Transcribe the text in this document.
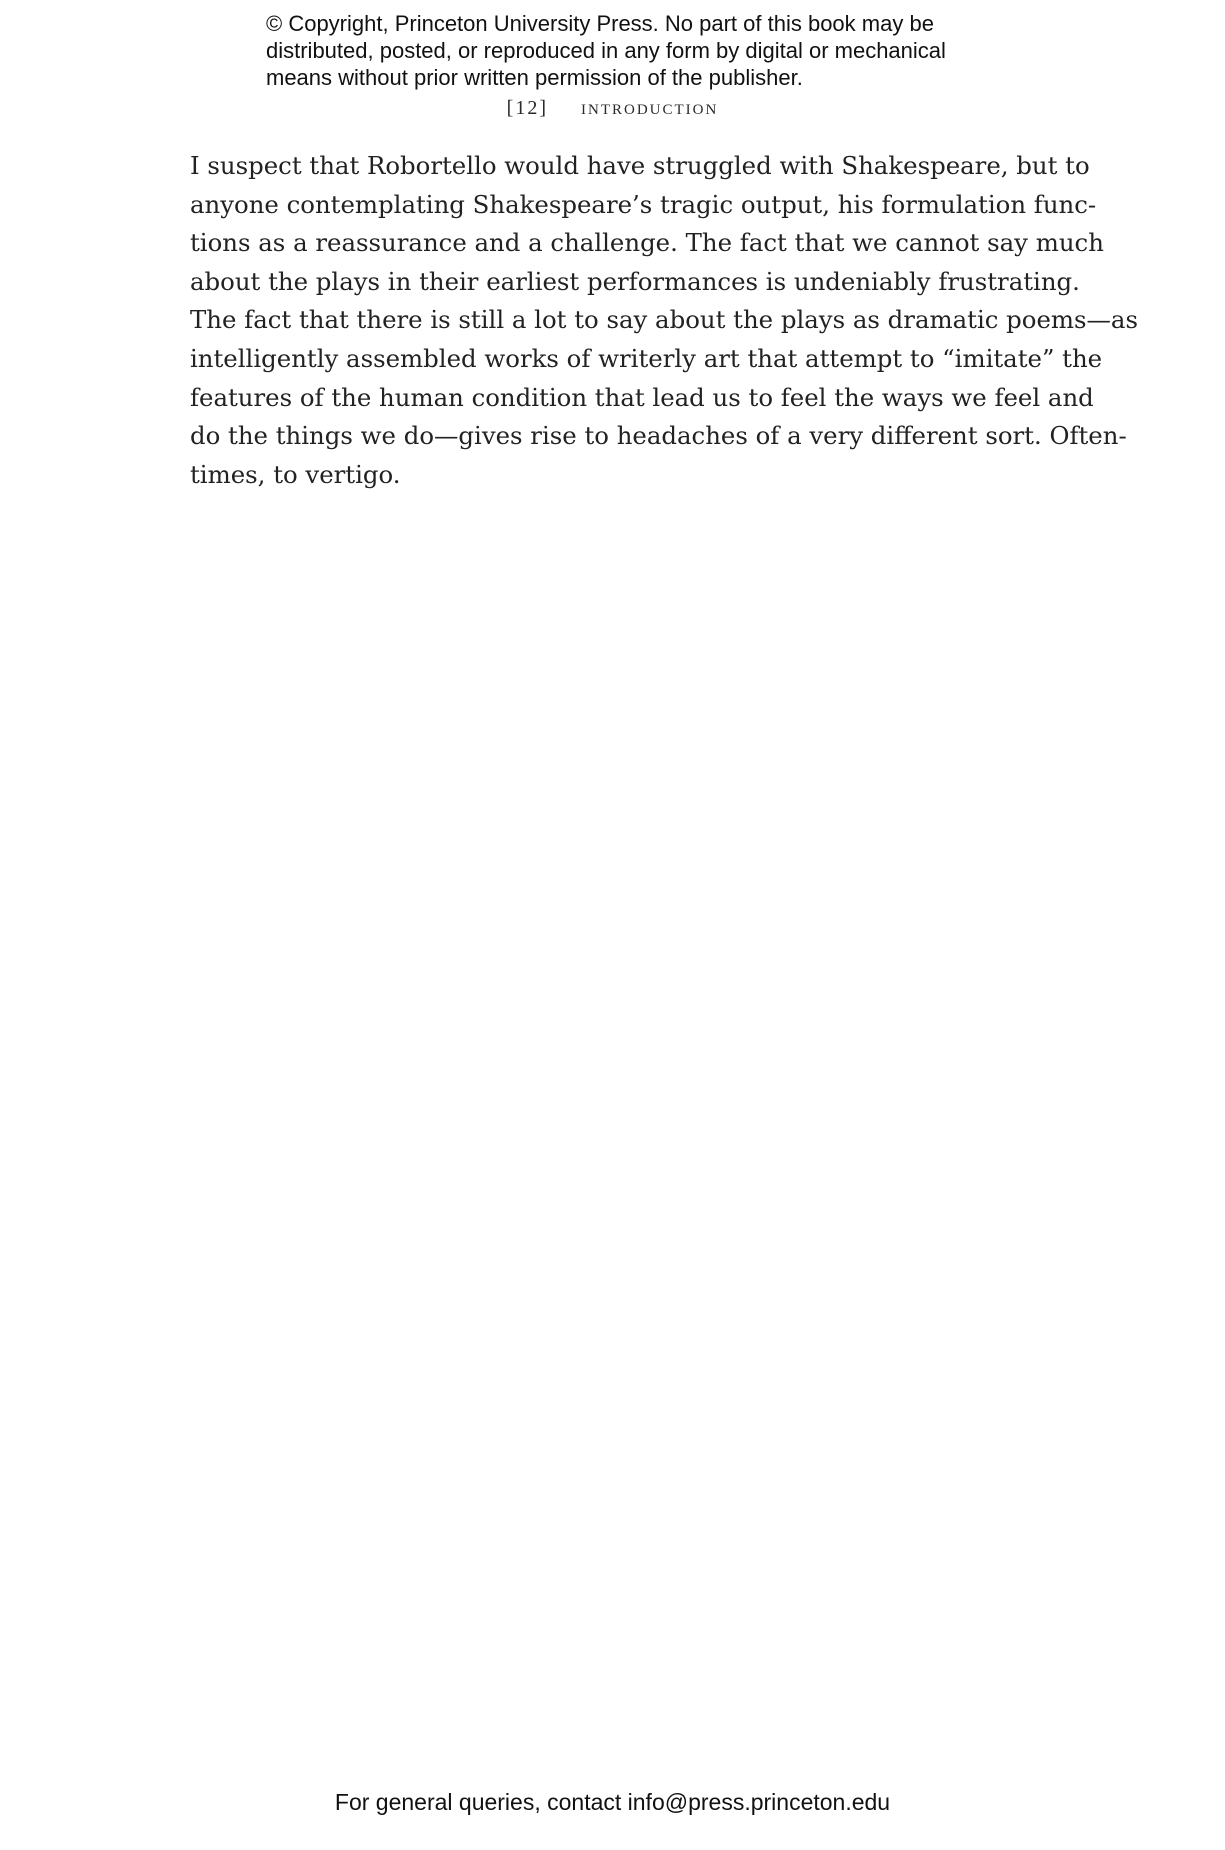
© Copyright, Princeton University Press. No part of this book may be
distributed, posted, or reproduced in any form by digital or mechanical
means without prior written permission of the publisher.
[12] introduction
I suspect that Robortello would have struggled with Shakespeare, but to
anyone contemplating Shakespeare’s tragic output, his formulation func-
tions as a reassurance and a challenge. The fact that we cannot say much
about the plays in their earliest performances is undeniably frustrating.
The fact that there is still a lot to say about the plays as dramatic poems—as
intelligently assembled works of writerly art that attempt to “imitate” the
features of the human condition that lead us to feel the ways we feel and
do the things we do—gives rise to headaches of a very different sort. Often-
times, to vertigo.
For general queries, contact info@press.princeton.edu
